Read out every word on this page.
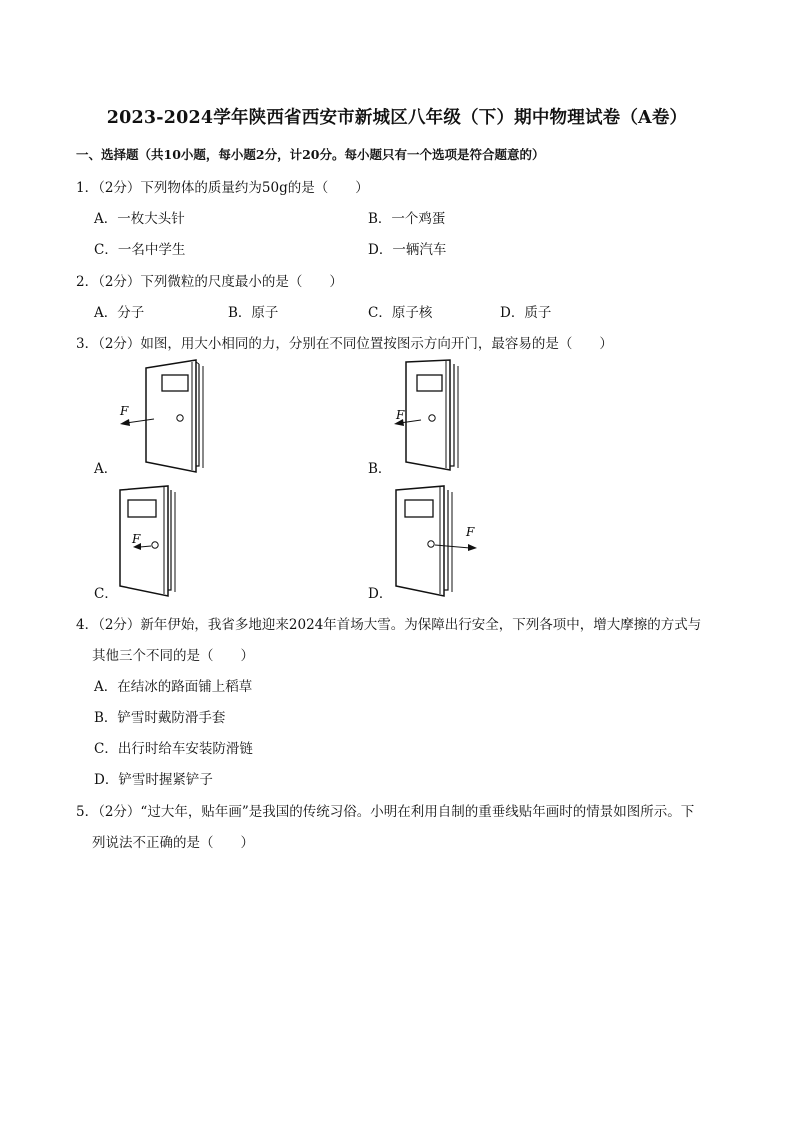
2023-2024学年陕西省西安市新城区八年级（下）期中物理试卷（A卷）
一、选择题（共10小题，每小题2分，计20分。每小题只有一个选项是符合题意的）
1．（2分）下列物体的质量约为50g的是（　　）
A．一枚大头针	B．一个鸡蛋
C．一名中学生	D．一辆汽车
2．（2分）下列微粒的尺度最小的是（　　）
A．分子	B．原子	C．原子核	D．质子
3．（2分）如图，用大小相同的力，分别在不同位置按图示方向开门，最容易的是（　　）
F
A．
F
B．
F
C．
F
D．
4．（2分）新年伊始，我省多地迎来2024年首场大雪。为保障出行安全，下列各项中，增大摩擦的方式与
其他三个不同的是（　　）
A．在结冰的路面铺上稻草
B．铲雪时戴防滑手套
C．出行时给车安装防滑链
D．铲雪时握紧铲子
5．（2分）“过大年，贴年画”是我国的传统习俗。小明在利用自制的重垂线贴年画时的情景如图所示。下
列说法不正确的是（　　）
